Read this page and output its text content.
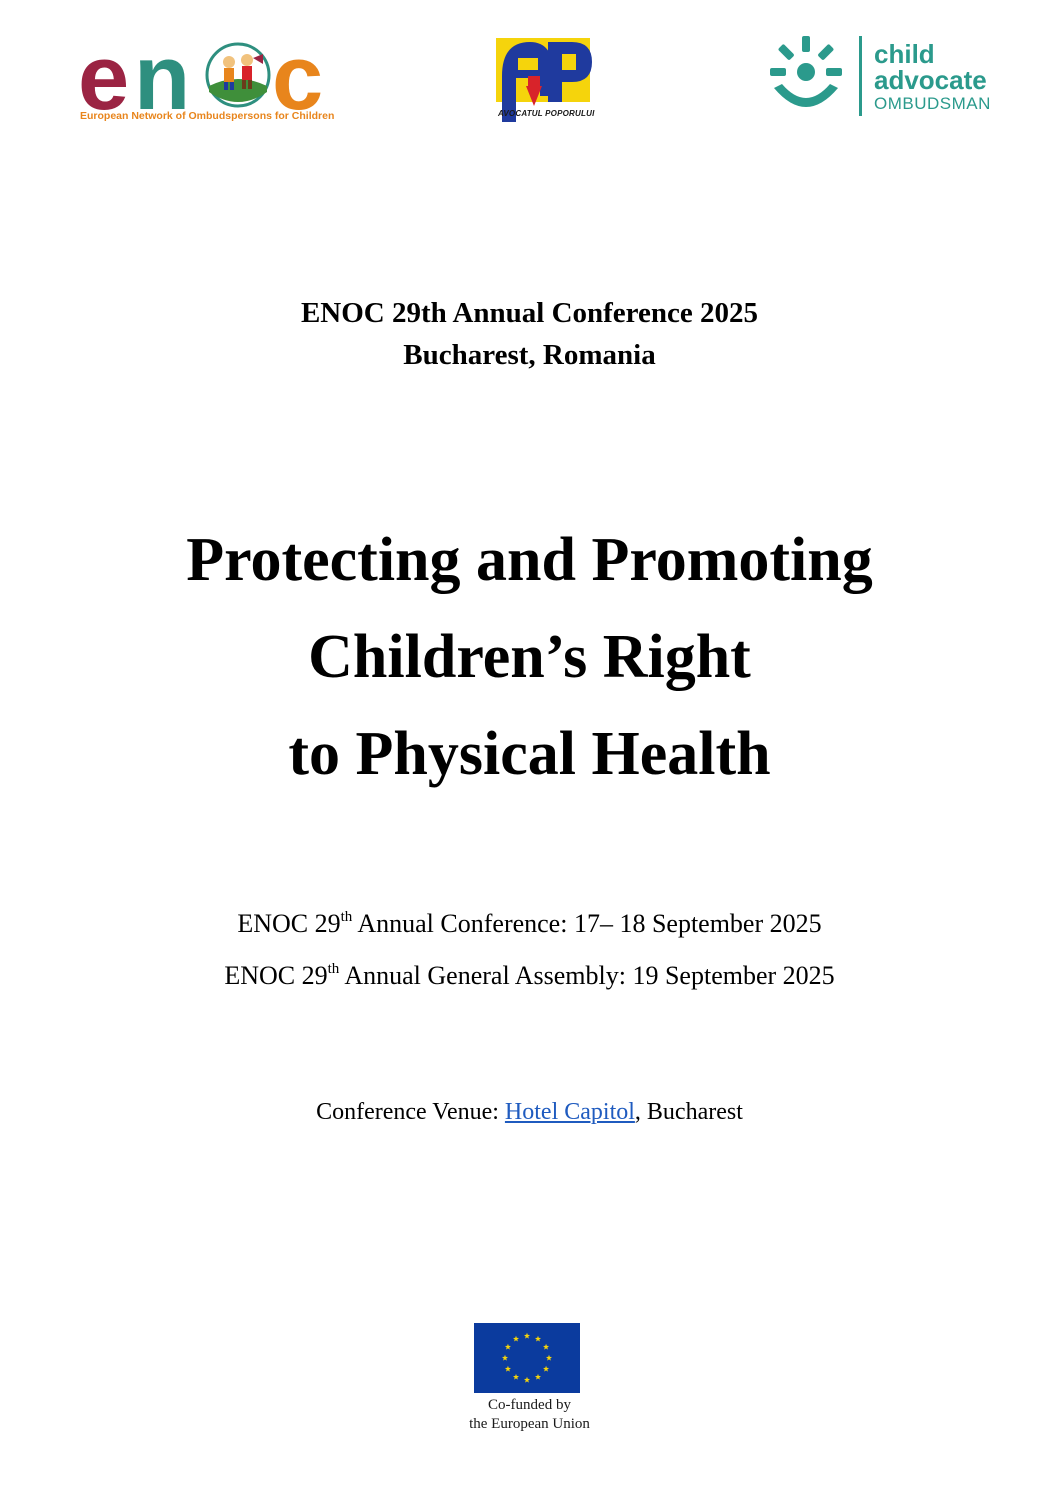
e n c
European Network of Ombudspersons for Children	AVOCATUL POPORULUI
child
advocate
OMBUDSMAN
ENOC 29th Annual Conference 2025
Bucharest, Romania
Protecting and Promoting
Children’s Right
to Physical Health
ENOC 29th Annual Conference: 17– 18 September 2025
ENOC 29th Annual General Assembly: 19 September 2025
Conference Venue: Hotel Capitol, Bucharest
Co-funded by
the European Union
